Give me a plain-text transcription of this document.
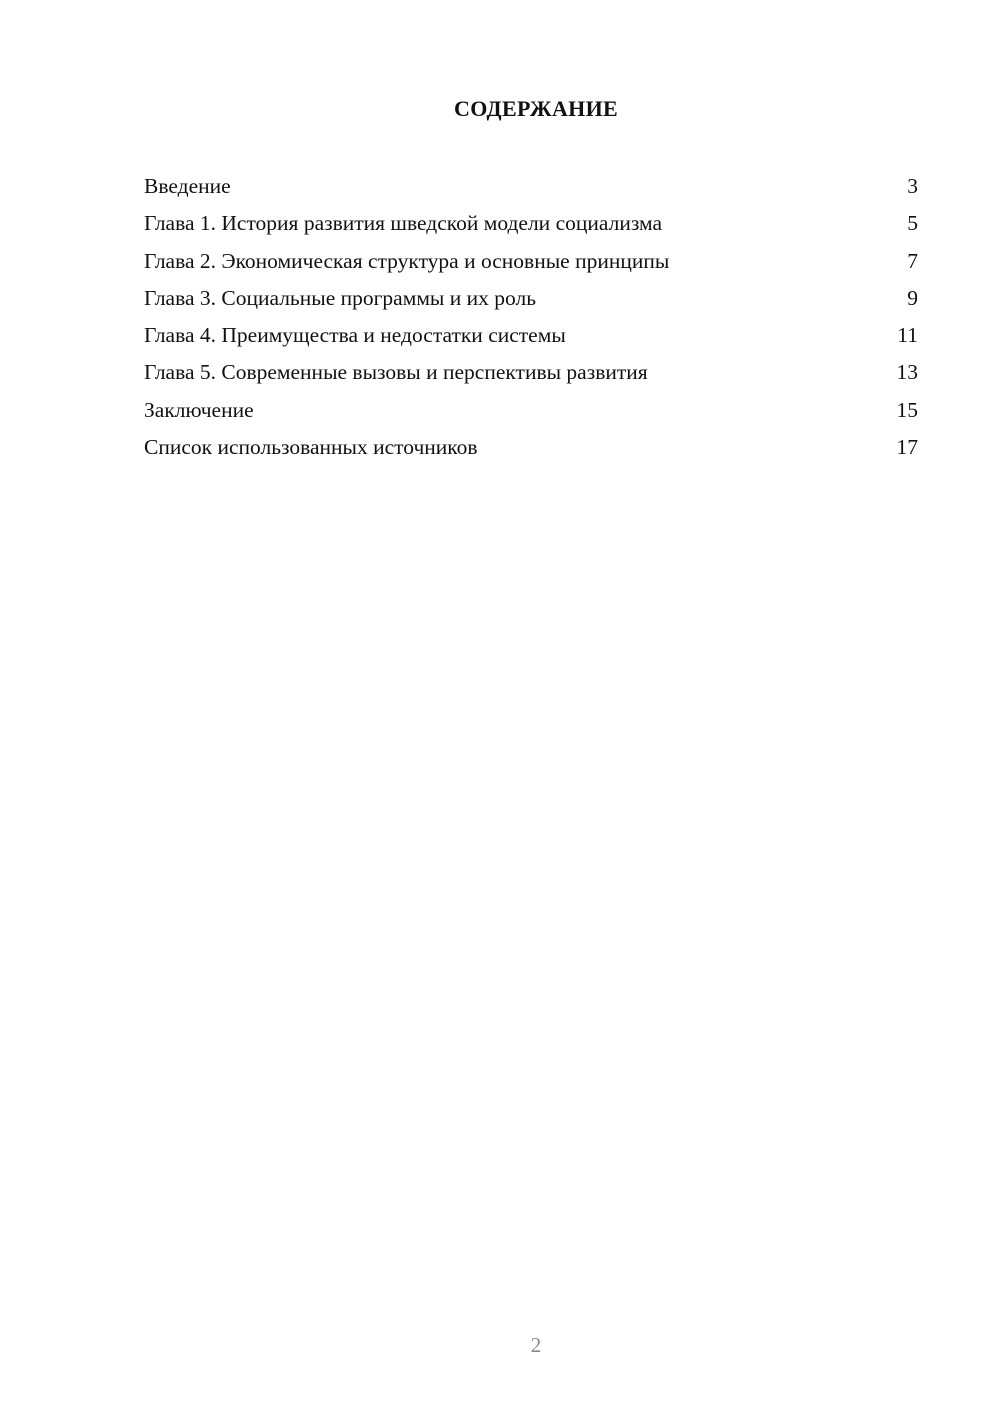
СОДЕРЖАНИЕ
Введение	3
Глава 1. История развития шведской модели социализма	5
Глава 2. Экономическая структура и основные принципы	7
Глава 3. Социальные программы и их роль	9
Глава 4. Преимущества и недостатки системы	11
Глава 5. Современные вызовы и перспективы развития	13
Заключение	15
Список использованных источников	17
2
